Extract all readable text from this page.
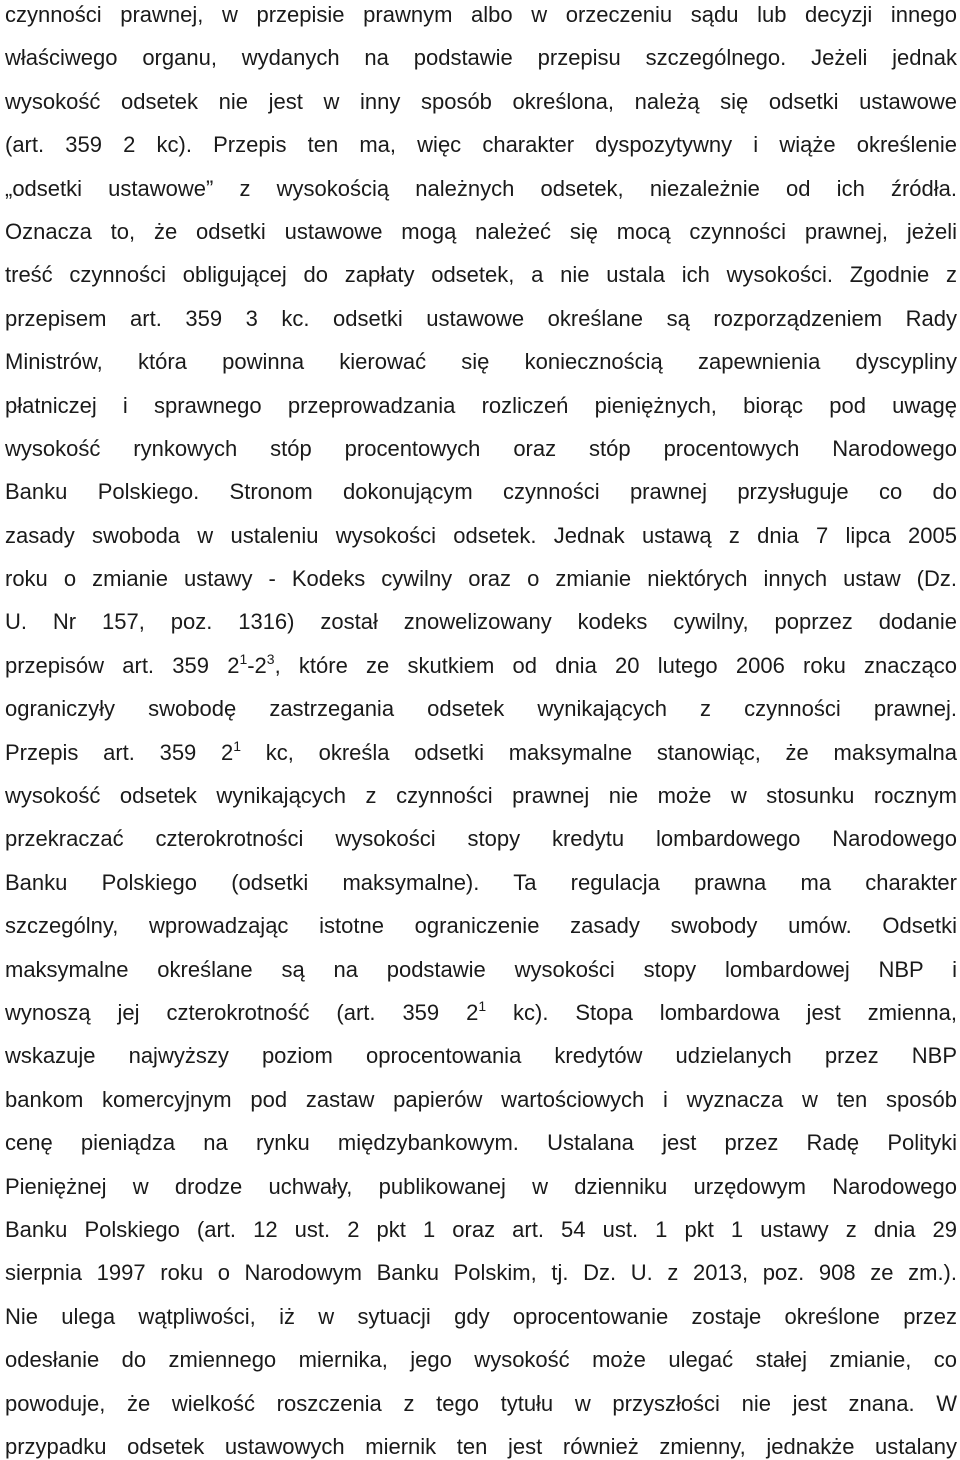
czynności prawnej, w przepisie prawnym albo w orzeczeniu sądu lub decyzji innego
właściwego organu, wydanych na podstawie przepisu szczególnego. Jeżeli jednak
wysokość odsetek nie jest w inny sposób określona, należą się odsetki ustawowe
(art. 359 2 kc). Przepis ten ma, więc charakter dyspozytywny i wiąże określenie
„odsetki ustawowe” z wysokością należnych odsetek, niezależnie od ich źródła.
Oznacza to, że odsetki ustawowe mogą należeć się mocą czynności prawnej, jeżeli
treść czynności obligującej do zapłaty odsetek, a nie ustala ich wysokości. Zgodnie z
przepisem art. 359 3 kc. odsetki ustawowe określane są rozporządzeniem Rady
Ministrów, która powinna kierować się koniecznością zapewnienia dyscypliny
płatniczej i sprawnego przeprowadzania rozliczeń pieniężnych, biorąc pod uwagę
wysokość rynkowych stóp procentowych oraz stóp procentowych Narodowego
Banku Polskiego. Stronom dokonującym czynności prawnej przysługuje co do
zasady swoboda w ustaleniu wysokości odsetek. Jednak ustawą z dnia 7 lipca 2005
roku o zmianie ustawy - Kodeks cywilny oraz o zmianie niektórych innych ustaw (Dz.
U. Nr 157, poz. 1316) został znowelizowany kodeks cywilny, poprzez dodanie
przepisów art. 359 $2^1-2^3$, które ze skutkiem od dnia 20 lutego 2006 roku znacząco
ograniczyły swobodę zastrzegania odsetek wynikających z czynności prawnej.
Przepis art. 359 $2^1$ kc, określa odsetki maksymalne stanowiąc, że maksymalna
wysokość odsetek wynikających z czynności prawnej nie może w stosunku rocznym
przekraczać czterokrotności wysokości stopy kredytu lombardowego Narodowego
Banku Polskiego (odsetki maksymalne). Ta regulacja prawna ma charakter
szczególny, wprowadzając istotne ograniczenie zasady swobody umów. Odsetki
maksymalne określane są na podstawie wysokości stopy lombardowej NBP i
wynoszą jej czterokrotność (art. 359 $2^1$ kc). Stopa lombardowa jest zmienna,
wskazuje najwyższy poziom oprocentowania kredytów udzielanych przez NBP
bankom komercyjnym pod zastaw papierów wartościowych i wyznacza w ten sposób
cenę pieniądza na rynku międzybankowym. Ustalana jest przez Radę Polityki
Pieniężnej w drodze uchwały, publikowanej w dzienniku urzędowym Narodowego
Banku Polskiego (art. 12 ust. 2 pkt 1 oraz art. 54 ust. 1 pkt 1 ustawy z dnia 29
sierpnia 1997 roku o Narodowym Banku Polskim, tj. Dz. U. z 2013, poz. 908 ze zm.).
Nie ulega wątpliwości, iż w sytuacji gdy oprocentowanie zostaje określone przez
odesłanie do zmiennego miernika, jego wysokość może ulegać stałej zmianie, co
powoduje, że wielkość roszczenia z tego tytułu w przyszłości nie jest znana. W
przypadku odsetek ustawowych miernik ten jest również zmienny, jednakże ustalany
